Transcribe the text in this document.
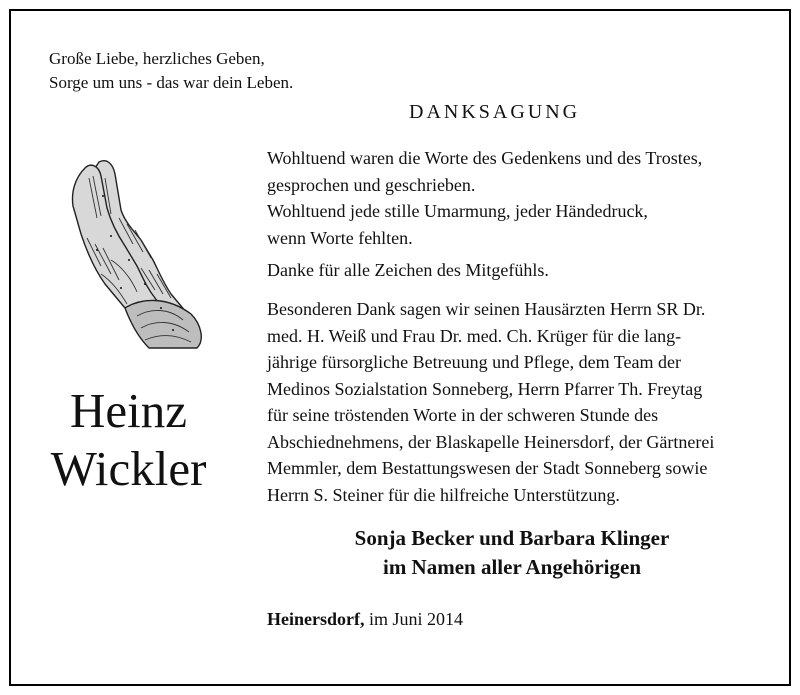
Große Liebe, herzliches Geben,
Sorge um uns - das war dein Leben.
DANKSAGUNG
Heinz
Wickler
Wohltuend waren die Worte des Gedenkens und des Trostes,
gesprochen und geschrieben.
Wohltuend jede stille Umarmung, jeder Händedruck,
wenn Worte fehlten.
Danke für alle Zeichen des Mitgefühls.
Besonderen Dank sagen wir seinen Hausärzten Herrn SR Dr.
med. H. Weiß und Frau Dr. med. Ch. Krüger für die lang-
jährige fürsorgliche Betreuung und Pflege, dem Team der
Medinos Sozialstation Sonneberg, Herrn Pfarrer Th. Freytag
für seine tröstenden Worte in der schweren Stunde des
Abschiednehmens, der Blaskapelle Heinersdorf, der Gärtnerei
Memmler, dem Bestattungswesen der Stadt Sonneberg sowie
Herrn S. Steiner für die hilfreiche Unterstützung.
Sonja Becker und Barbara Klinger
im Namen aller Angehörigen
Heinersdorf, im Juni 2014
